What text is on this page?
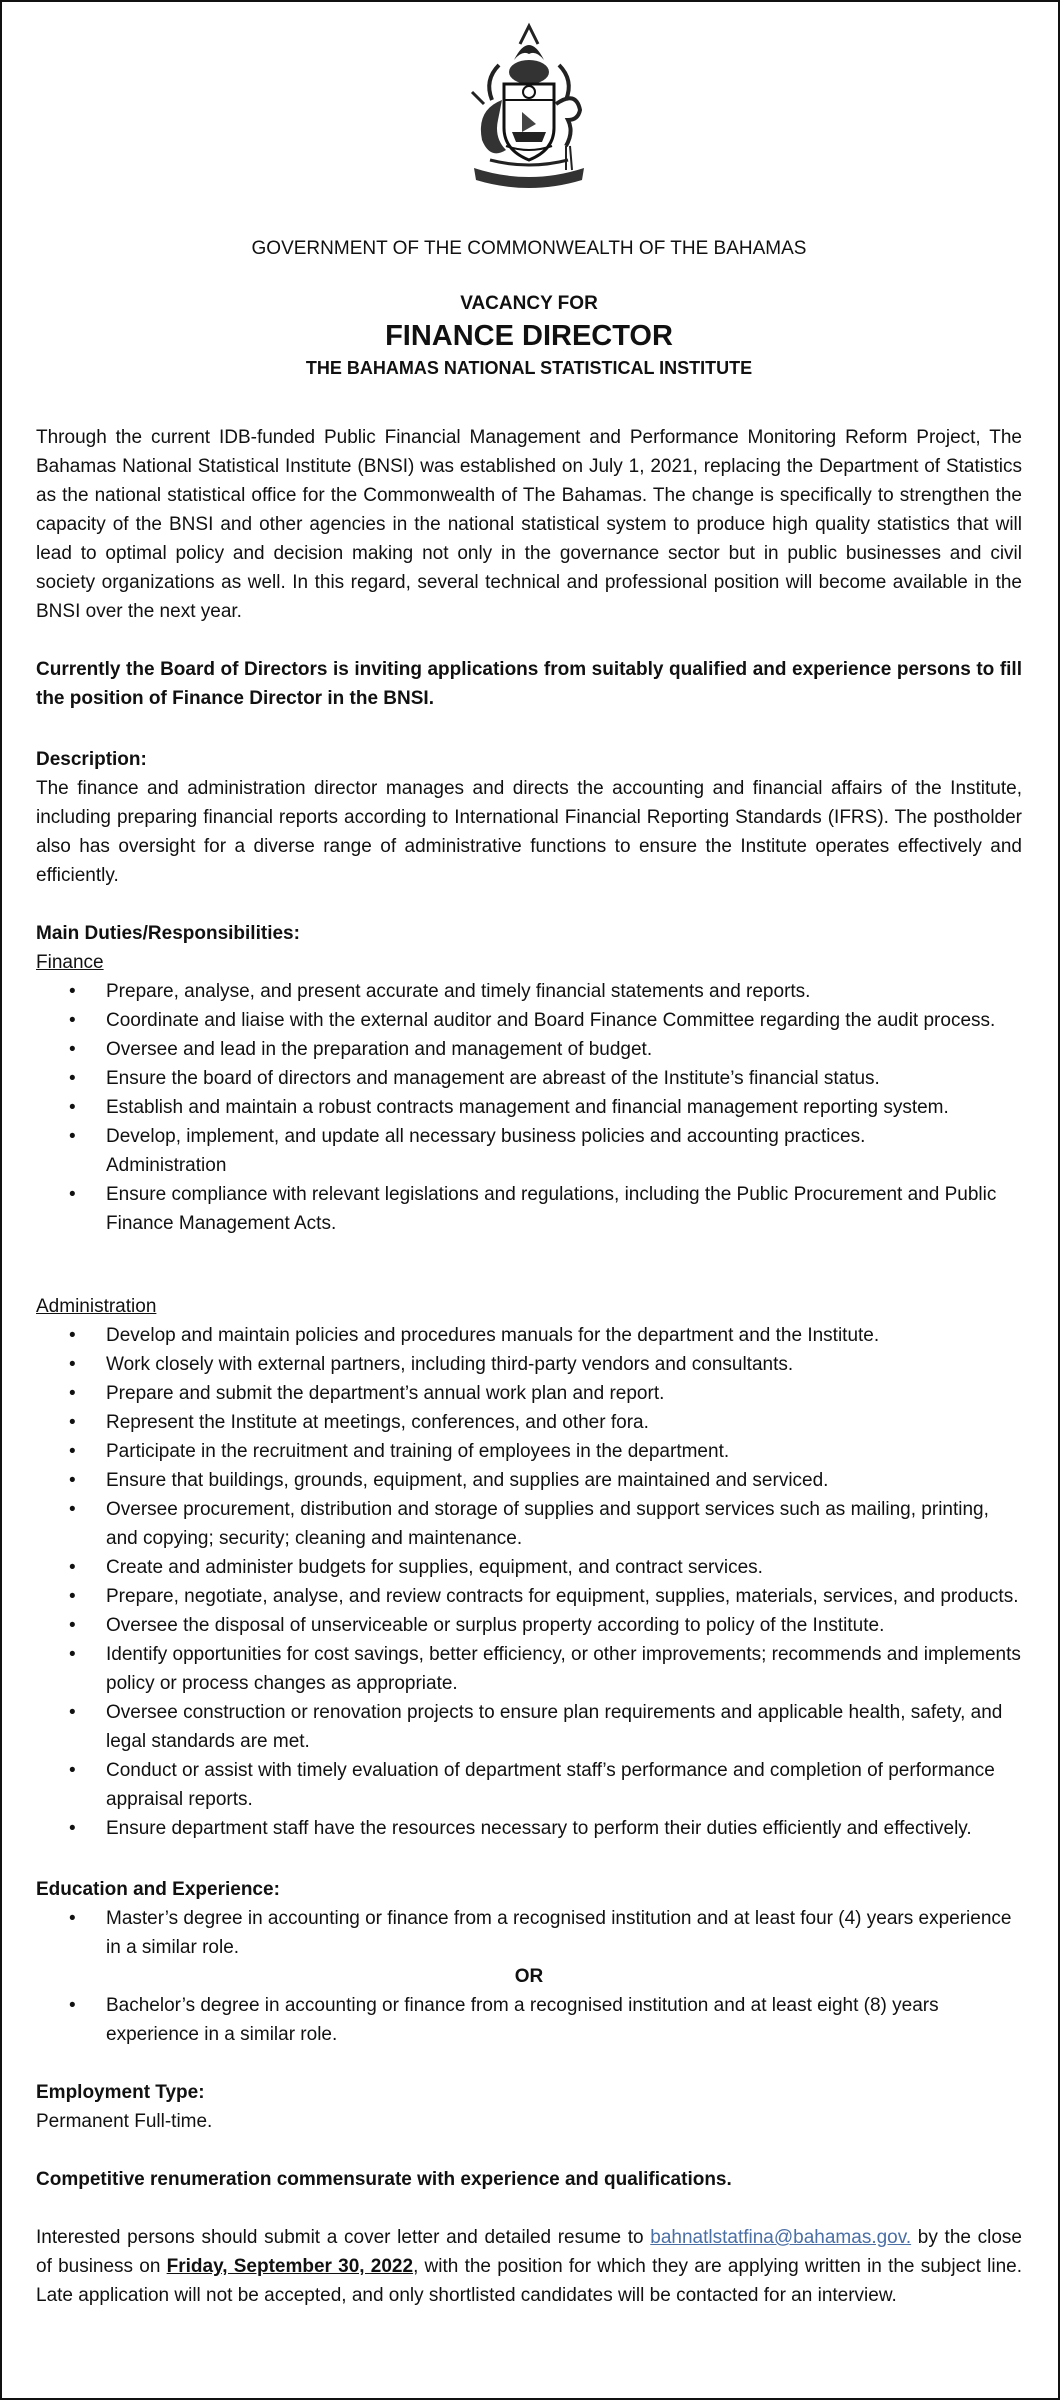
GOVERNMENT OF THE COMMONWEALTH OF THE BAHAMAS
VACANCY FOR
FINANCE DIRECTOR
THE BAHAMAS NATIONAL STATISTICAL INSTITUTE

Through the current IDB-funded Public Financial Management and Performance Monitoring Reform Project, The Bahamas National Statistical Institute (BNSI) was established on July 1, 2021, replacing the Department of Statistics as the national statistical office for the Commonwealth of The Bahamas. The change is specifically to strengthen the capacity of the BNSI and other agencies in the national statistical system to produce high quality statistics that will lead to optimal policy and decision making not only in the governance sector but in public businesses and civil society organizations as well. In this regard, several technical and professional position will become available in the BNSI over the next year.

Currently the Board of Directors is inviting applications from suitably qualified and experience persons to fill the position of Finance Director in the BNSI.

Description:

The finance and administration director manages and directs the accounting and financial affairs of the Institute, including preparing financial reports according to International Financial Reporting Standards (IFRS). The postholder also has oversight for a diverse range of administrative functions to ensure the Institute operates effectively and efficiently.

Main Duties/Responsibilities:
Finance
• Prepare, analyse, and present accurate and timely financial statements and reports.
• Coordinate and liaise with the external auditor and Board Finance Committee regarding the audit process.
• Oversee and lead in the preparation and management of budget.
• Ensure the board of directors and management are abreast of the Institute’s financial status.
• Establish and maintain a robust contracts management and financial management reporting system.
• Develop, implement, and update all necessary business policies and accounting practices.
Administration
• Ensure compliance with relevant legislations and regulations, including the Public Procurement and Public Finance Management Acts.
Administration
• Develop and maintain policies and procedures manuals for the department and the Institute.
• Work closely with external partners, including third-party vendors and consultants.
• Prepare and submit the department’s annual work plan and report.
• Represent the Institute at meetings, conferences, and other fora.
• Participate in the recruitment and training of employees in the department.
• Ensure that buildings, grounds, equipment, and supplies are maintained and serviced.
• Oversee procurement, distribution and storage of supplies and support services such as mailing, printing, and copying; security; cleaning and maintenance.
• Create and administer budgets for supplies, equipment, and contract services.
• Prepare, negotiate, analyse, and review contracts for equipment, supplies, materials, services, and products.
• Oversee the disposal of unserviceable or surplus property according to policy of the Institute.
• Identify opportunities for cost savings, better efficiency, or other improvements; recommends and implements policy or process changes as appropriate.
• Oversee construction or renovation projects to ensure plan requirements and applicable health, safety, and legal standards are met.
• Conduct or assist with timely evaluation of department staff’s performance and completion of performance appraisal reports.
• Ensure department staff have the resources necessary to perform their duties efficiently and effectively.
Education and Experience:
• Master’s degree in accounting or finance from a recognised institution and at least four (4) years experience in a similar role.
OR
• Bachelor’s degree in accounting or finance from a recognised institution and at least eight (8) years experience in a similar role.
Employment Type:
Permanent Full-time.

Competitive renumeration commensurate with experience and qualifications.

Interested persons should submit a cover letter and detailed resume to bahnatlstatfina@bahamas.gov. by the close of business on Friday, September 30, 2022, with the position for which they are applying written in the subject line. Late application will not be accepted, and only shortlisted candidates will be contacted for an interview.
